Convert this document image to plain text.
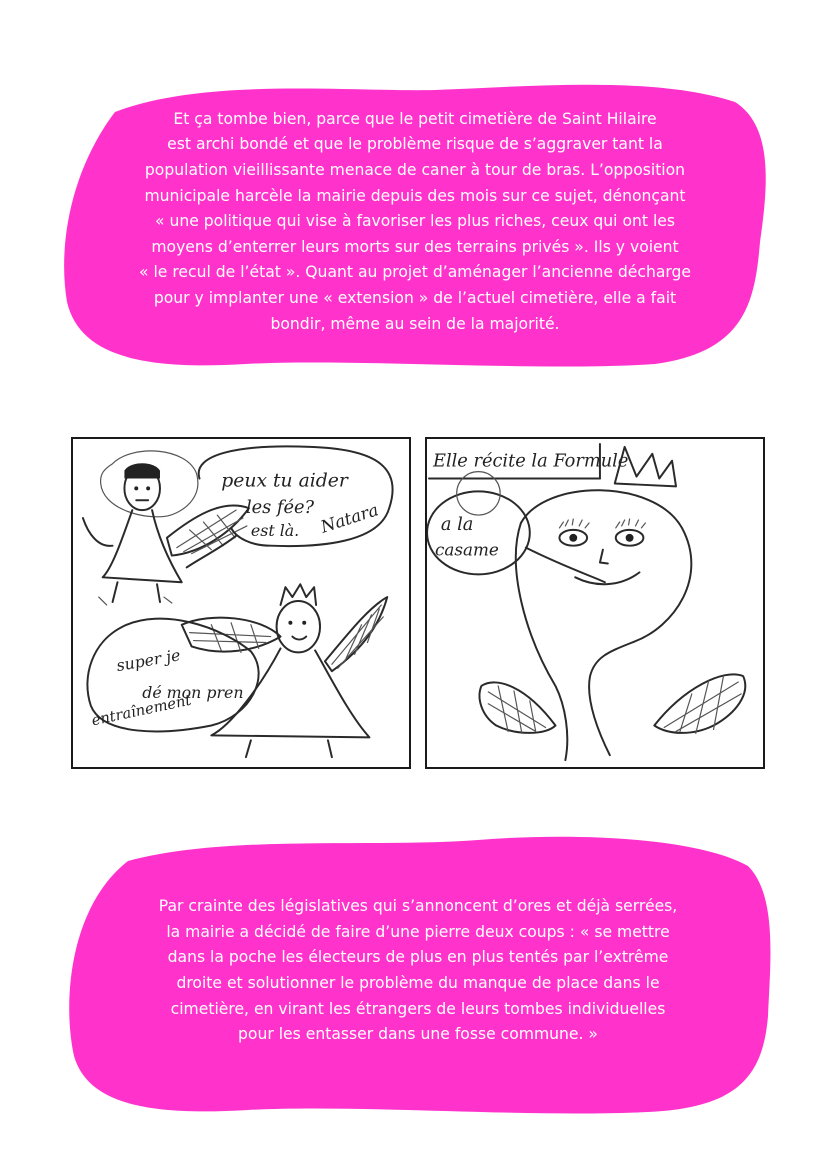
Et ça tombe bien, parce que le petit cimetière de Saint Hilaire
est archi bondé et que le problème risque de s’aggraver tant la
population vieillissante menace de caner à tour de bras. L’opposition
municipale harcèle la mairie depuis des mois sur ce sujet, dénonçant
« une politique qui vise à favoriser les plus riches, ceux qui ont les
moyens d’enterrer leurs morts sur des terrains privés ». Ils y voient
« le recul de l’état ». Quant au projet d’aménager l’ancienne décharge
pour y implanter une « extension » de l’actuel cimetière, elle a fait
bondir, même au sein de la majorité.
peux tu aider
les fée? Natara
est là.
super je
dé mon pren
entraînement
Elle récite la Formule
a la
casame
Par crainte des législatives qui s’annoncent d’ores et déjà serrées,
la mairie a décidé de faire d’une pierre deux coups : « se mettre
dans la poche les électeurs de plus en plus tentés par l’extrême
droite et solutionner le problème du manque de place dans le
cimetière, en virant les étrangers de leurs tombes individuelles
pour les entasser dans une fosse commune. »
